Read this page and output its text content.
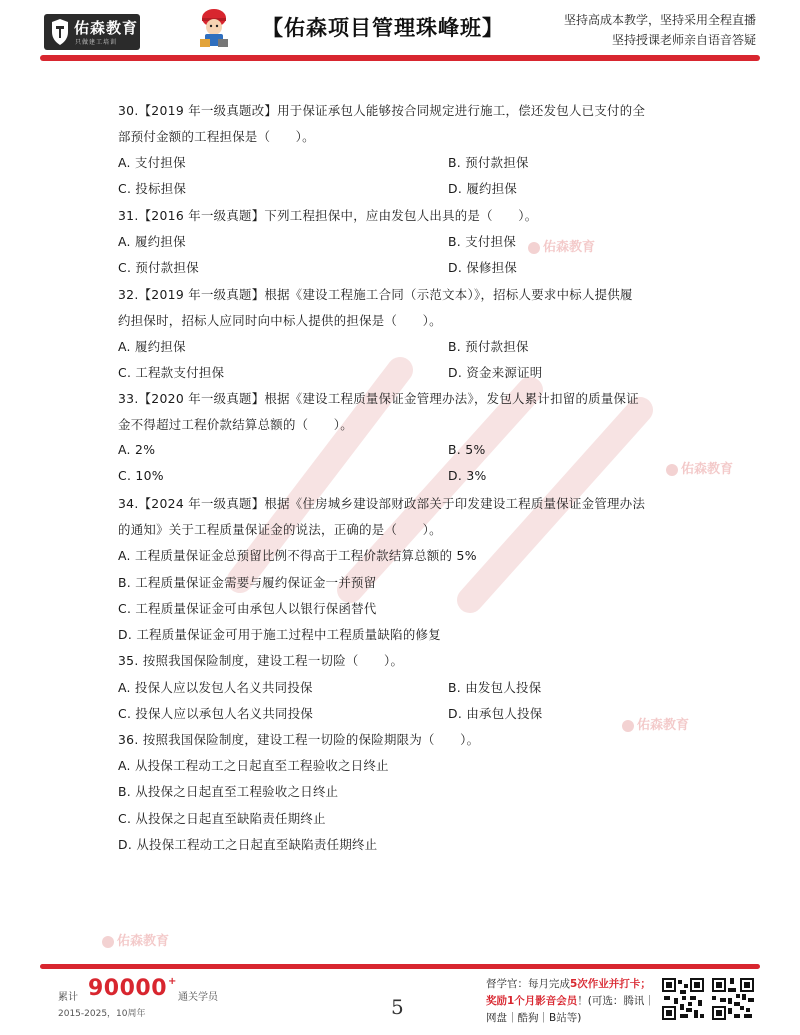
佑森教育
只做建工培训
【佑森项目管理珠峰班】	坚持高成本教学，坚持采用全程直播
坚持授课老师亲自语音答疑
佑森教育
佑森教育
佑森教育
佑森教育
30.【2019 年一级真题改】用于保证承包人能够按合同规定进行施工，偿还发包人已支付的全
部预付金额的工程担保是（　　）。
A. 支付担保	B. 预付款担保
C. 投标担保	D. 履约担保
31.【2016 年一级真题】下列工程担保中，应由发包人出具的是（　　）。
A. 履约担保	B. 支付担保
C. 预付款担保	D. 保修担保
32.【2019 年一级真题】根据《建设工程施工合同（示范文本）》，招标人要求中标人提供履
约担保时，招标人应同时向中标人提供的担保是（　　）。
A. 履约担保	B. 预付款担保
C. 工程款支付担保	D. 资金来源证明
33.【2020 年一级真题】根据《建设工程质量保证金管理办法》，发包人累计扣留的质量保证
金不得超过工程价款结算总额的（　　）。
A. 2%	B. 5%
C. 10%	D. 3%
34.【2024 年一级真题】根据《住房城乡建设部财政部关于印发建设工程质量保证金管理办法
的通知》关于工程质量保证金的说法，正确的是（　　）。
A. 工程质量保证金总预留比例不得高于工程价款结算总额的 5%
B. 工程质量保证金需要与履约保证金一并预留
C. 工程质量保证金可由承包人以银行保函替代
D. 工程质量保证金可用于施工过程中工程质量缺陷的修复
35. 按照我国保险制度，建设工程一切险（　　）。
A. 投保人应以发包人名义共同投保	B. 由发包人投保
C. 投保人应以承包人名义共同投保	D. 由承包人投保
36. 按照我国保险制度，建设工程一切险的保险期限为（　　）。
A. 从投保工程动工之日起直至工程验收之日终止
B. 从投保之日起直至工程验收之日终止
C. 从投保之日起直至缺陷责任期终止
D. 从投保工程动工之日起直至缺陷责任期终止
累计 90000 +
通关学员
2015-2025，10周年	5
督学官：每月完成5次作业并打卡；
奖励1个月影音会员！(可选：腾讯｜
网盘｜酷狗｜B站等)
